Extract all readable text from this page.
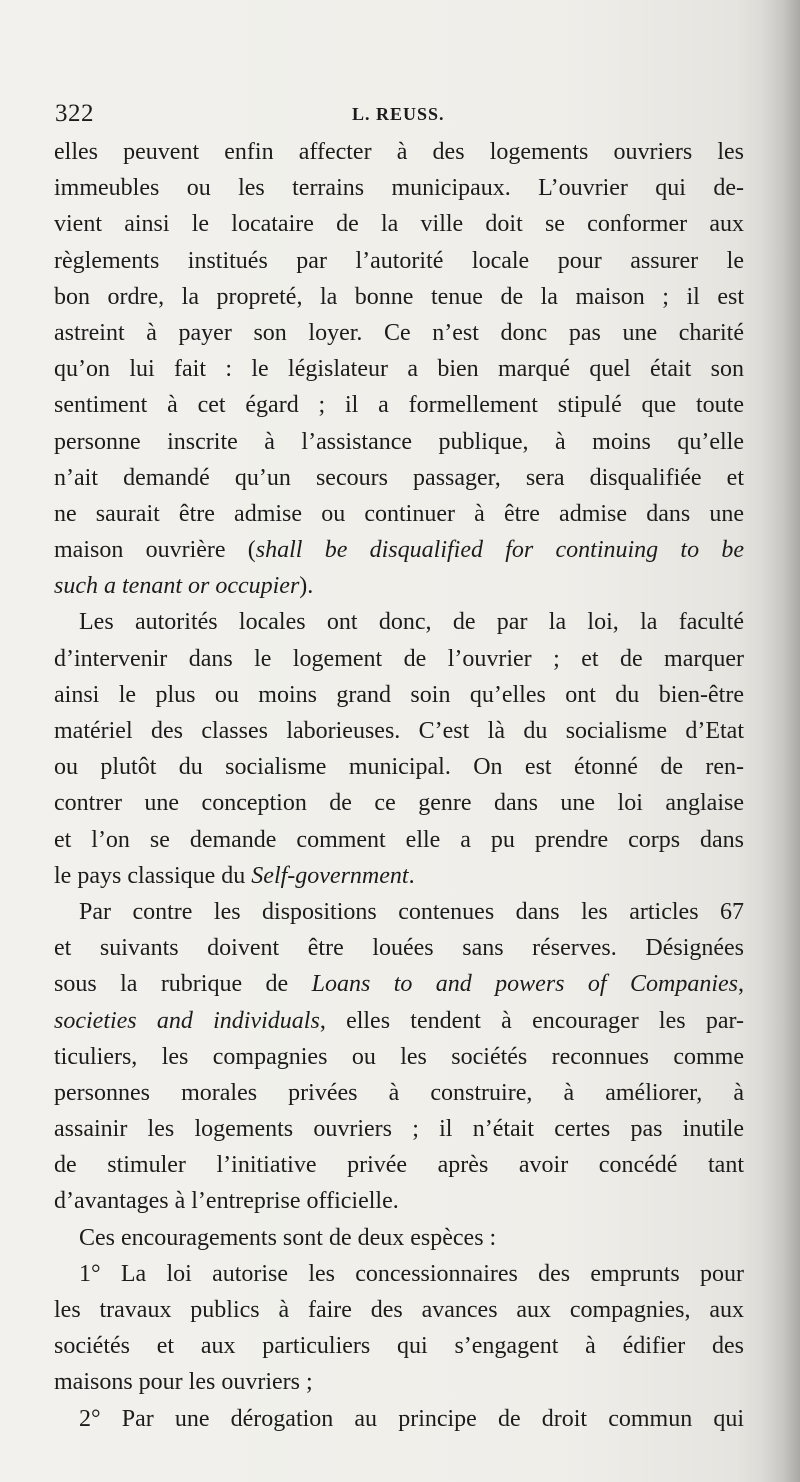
322	L. REUSS.
elles peuvent enfin affecter à des logements ouvriers les
immeubles ou les terrains municipaux. L’ouvrier qui de-
vient ainsi le locataire de la ville doit se conformer aux
règlements institués par l’autorité locale pour assurer le
bon ordre, la propreté, la bonne tenue de la maison ; il est
astreint à payer son loyer. Ce n’est donc pas une charité
qu’on lui fait : le législateur a bien marqué quel était son
sentiment à cet égard ; il a formellement stipulé que toute
personne inscrite à l’assistance publique, à moins qu’elle
n’ait demandé qu’un secours passager, sera disqualifiée et
ne saurait être admise ou continuer à être admise dans une
maison ouvrière (shall be disqualified for continuing to be
such a tenant or occupier).
Les autorités locales ont donc, de par la loi, la faculté
d’intervenir dans le logement de l’ouvrier ; et de marquer
ainsi le plus ou moins grand soin qu’elles ont du bien-être
matériel des classes laborieuses. C’est là du socialisme d’Etat
ou plutôt du socialisme municipal. On est étonné de ren-
contrer une conception de ce genre dans une loi anglaise
et l’on se demande comment elle a pu prendre corps dans
le pays classique du Self-government.
Par contre les dispositions contenues dans les articles 67
et suivants doivent être louées sans réserves. Désignées
sous la rubrique de Loans to and powers of Companies,
societies and individuals, elles tendent à encourager les par-
ticuliers, les compagnies ou les sociétés reconnues comme
personnes morales privées à construire, à améliorer, à
assainir les logements ouvriers ; il n’était certes pas inutile
de stimuler l’initiative privée après avoir concédé tant
d’avantages à l’entreprise officielle.
Ces encouragements sont de deux espèces :
1° La loi autorise les concessionnaires des emprunts pour
les travaux publics à faire des avances aux compagnies, aux
sociétés et aux particuliers qui s’engagent à édifier des
maisons pour les ouvriers ;
2° Par une dérogation au principe de droit commun qui
